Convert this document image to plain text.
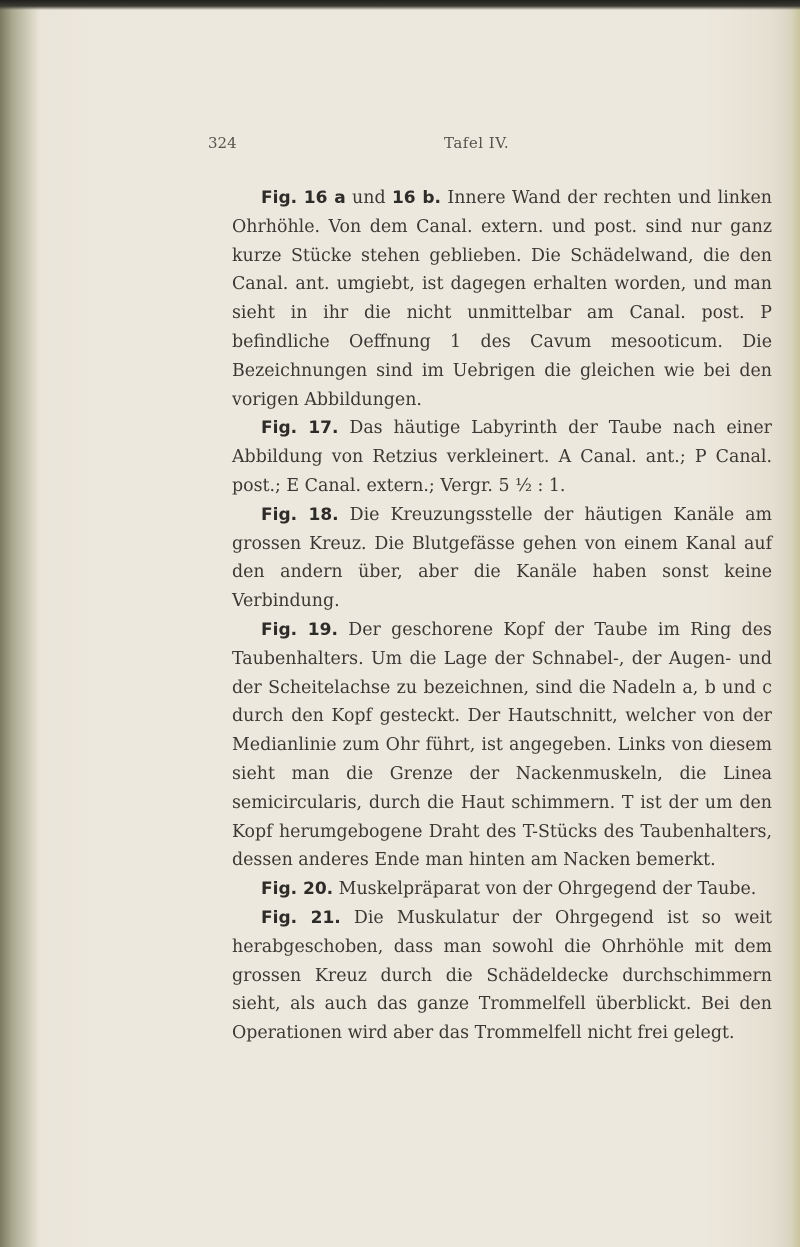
324	Tafel IV.

Fig. 16 a und 16 b. Innere Wand der rechten und linken Ohrhöhle. Von dem Canal. extern. und post. sind nur ganz kurze Stücke stehen geblieben. Die Schädelwand, die den Canal. ant. umgiebt, ist dagegen erhalten worden, und man sieht in ihr die nicht unmittelbar am Canal. post. P befindliche Oeffnung 1 des Cavum mesooticum. Die Bezeichnungen sind im Uebrigen die gleichen wie bei den vorigen Abbildungen.

Fig. 17. Das häutige Labyrinth der Taube nach einer Abbildung von Retzius verkleinert. A Canal. ant.; P Canal. post.; E Canal. extern.; Vergr. 5 ½ : 1.

Fig. 18. Die Kreuzungsstelle der häutigen Kanäle am grossen Kreuz. Die Blutgefässe gehen von einem Kanal auf den andern über, aber die Kanäle haben sonst keine Verbindung.

Fig. 19. Der geschorene Kopf der Taube im Ring des Taubenhalters. Um die Lage der Schnabel-, der Augen- und der Scheitelachse zu bezeichnen, sind die Nadeln a, b und c durch den Kopf gesteckt. Der Hautschnitt, welcher von der Medianlinie zum Ohr führt, ist angegeben. Links von diesem sieht man die Grenze der Nackenmuskeln, die Linea semicircularis, durch die Haut schimmern. T ist der um den Kopf herumgebogene Draht des T-Stücks des Taubenhalters, dessen anderes Ende man hinten am Nacken bemerkt.

Fig. 20. Muskelpräparat von der Ohrgegend der Taube.

Fig. 21. Die Muskulatur der Ohrgegend ist so weit herabgeschoben, dass man sowohl die Ohrhöhle mit dem grossen Kreuz durch die Schädeldecke durchschimmern sieht, als auch das ganze Trommelfell überblickt. Bei den Operationen wird aber das Trommelfell nicht frei gelegt.
